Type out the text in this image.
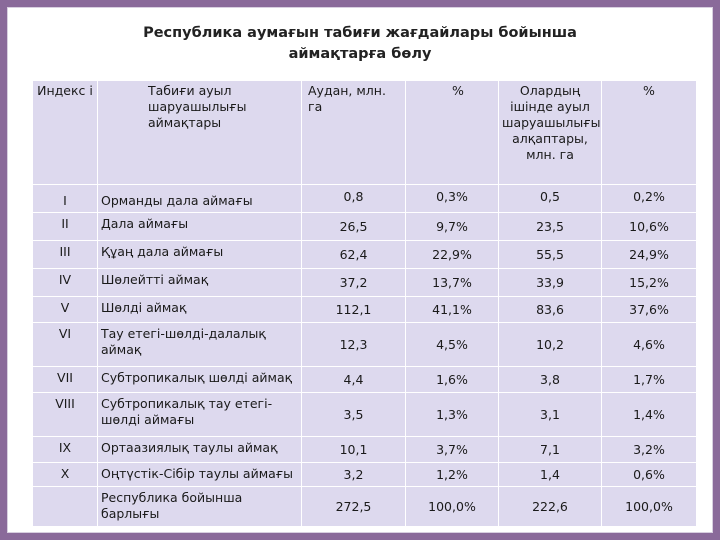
Республика аумағын табиғи жағдайлары бойынша
аймақтарға бөлу
Индекс і	Табиғи ауыл шаруашылығы аймақтары	Аудан, млн. га	%	Олардың ішінде ауыл шаруашылығы алқаптары, млн. га	%
I	Орманды дала аймағы	0,8	0,3%	0,5	0,2%
II	Дала аймағы	26,5	9,7%	23,5	10,6%
III	Құаң дала аймағы	62,4	22,9%	55,5	24,9%
IV	Шөлейтті аймақ	37,2	13,7%	33,9	15,2%
V	Шөлді аймақ	112,1	41,1%	83,6	37,6%
VI	Тау етегі-шөлді-далалық аймақ	12,3	4,5%	10,2	4,6%
VII	Субтропикалық шөлді аймақ	4,4	1,6%	3,8	1,7%
VIII	Субтропикалық тау етегі-шөлді аймағы	3,5	1,3%	3,1	1,4%
IX	Ортаазиялық таулы аймақ	10,1	3,7%	7,1	3,2%
X	Оңтүстік-Сібір таулы аймағы	3,2	1,2%	1,4	0,6%
	Республика бойынша барлығы	272,5	100,0%	222,6	100,0%
